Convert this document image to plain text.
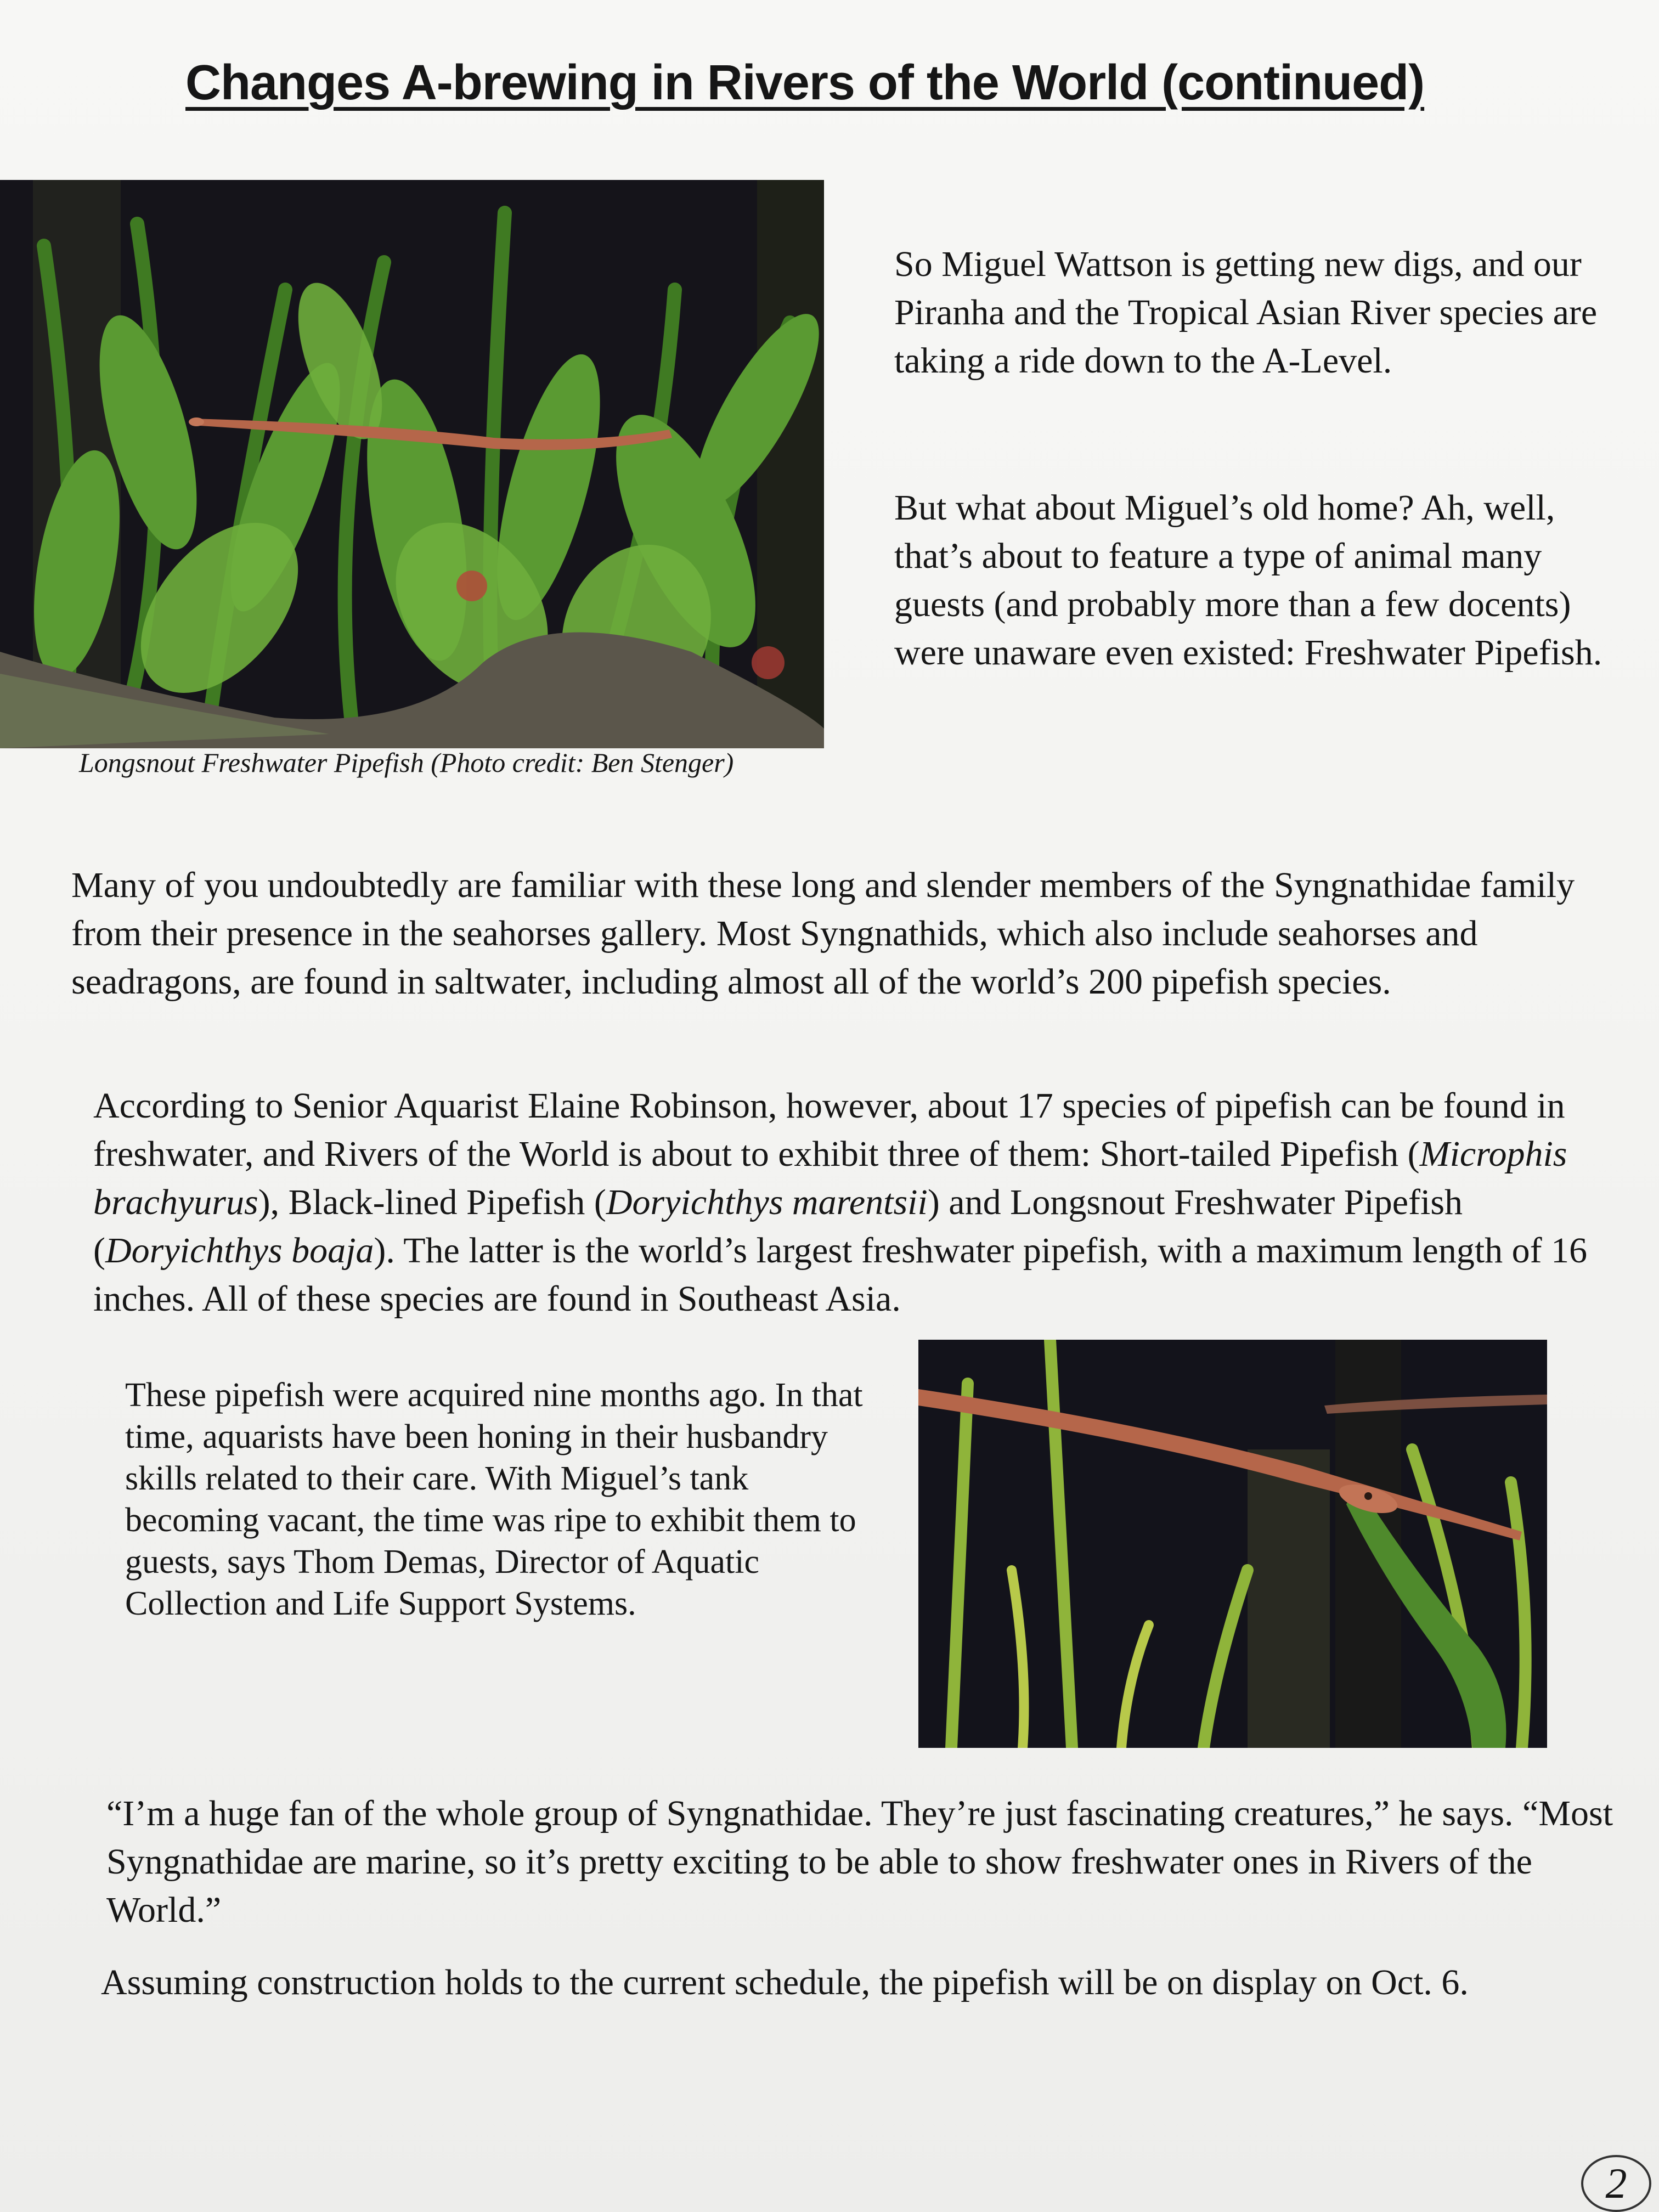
Changes A-brewing in Rivers of the World (continued)
Longsnout Freshwater Pipefish (Photo credit: Ben Stenger)

So Miguel Wattson is getting new digs, and our Piranha and the Tropical Asian River species are taking a ride down to the A-Level.

But what about Miguel’s old home? Ah, well, that’s about to feature a type of animal many guests (and probably more than a few docents) were unaware even existed: Freshwater Pipefish.

Many of you undoubtedly are familiar with these long and slender members of the Syngnathidae family from their presence in the seahorses gallery. Most Syngnathids, which also include seahorses and seadragons, are found in saltwater, including almost all of the world’s 200 pipefish species.

According to Senior Aquarist Elaine Robinson, however, about 17 species of pipefish can be found in freshwater, and Rivers of the World is about to exhibit three of them: Short-tailed Pipefish (Microphis brachyurus), Black-lined Pipefish (Doryichthys marentsii) and Longsnout Freshwater Pipefish (Doryichthys boaja). The latter is the world’s largest freshwater pipefish, with a maximum length of 16 inches. All of these species are found in Southeast Asia.

These pipefish were acquired nine months ago. In that time, aquarists have been honing in their husbandry skills related to their care. With Miguel’s tank becoming vacant, the time was ripe to exhibit them to guests, says Thom Demas, Director of Aquatic Collection and Life Support Systems.

“I’m a huge fan of the whole group of Syngnathidae. They’re just fascinating creatures,” he says. “Most Syngnathidae are marine, so it’s pretty exciting to be able to show freshwater ones in Rivers of the World.”

Assuming construction holds to the current schedule, the pipefish will be on display on Oct. 6.

2
